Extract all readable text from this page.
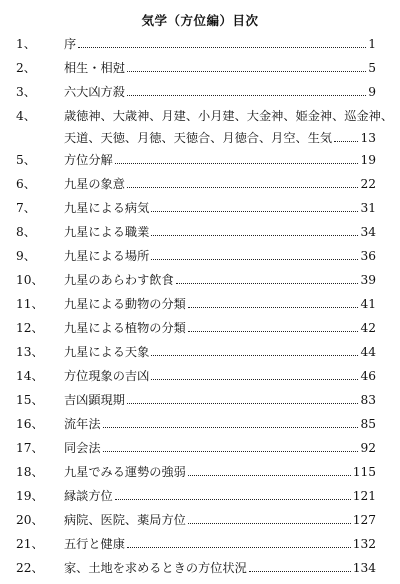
気学（方位編）目次
1、	序	1
2、	相生・相尅	5
3、	六大凶方殺	9
4、	歳徳神、大歳神、月建、小月建、大金神、姫金神、巡金神、
天道、天徳、月徳、天徳合、月徳合、月空、生気 13
5、	方位分解	19
6、	九星の象意	22
7、	九星による病気	31
8、	九星による職業	34
9、	九星による場所	36
10、	九星のあらわす飲食	39
11、	九星による動物の分類	41
12、	九星による植物の分類	42
13、	九星による天象	44
14、	方位現象の吉凶	46
15、	吉凶顕現期	83
16、	流年法	85
17、	同会法	92
18、	九星でみる運勢の強弱	115
19、	縁談方位	121
20、	病院、医院、薬局方位	127
21、	五行と健康	132
22、	家、土地を求めるときの方位状況	134
